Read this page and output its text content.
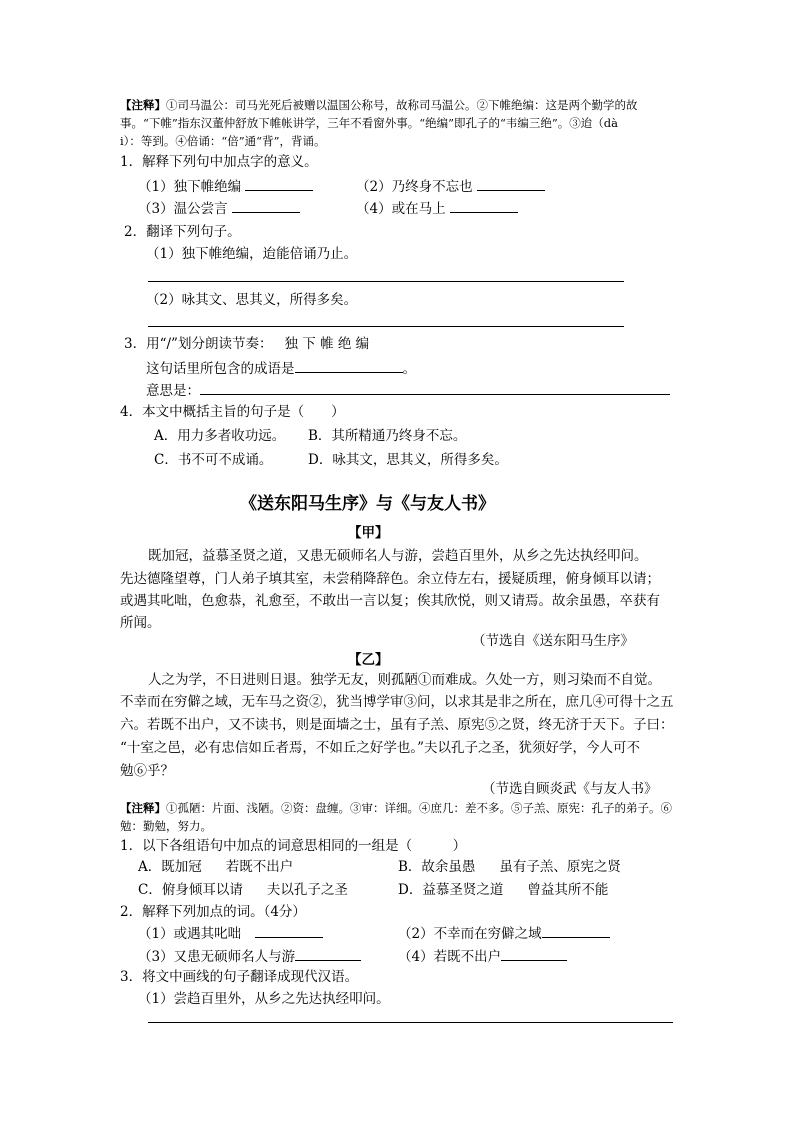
【注释】①司马温公：司马光死后被赠以温国公称号，故称司马温公。②下帷绝编：这是两个勤学的故
事。“下帷”指东汉董仲舒放下帷帐讲学，三年不看窗外事。“绝编”即孔子的“韦编三绝”。③迨（dà
i）：等到。④倍诵：“倍”通“背”，背诵。
1．解释下列句中加点字的意义。
（1）独下帷绝编	（2）乃终身不忘也
（3）温公尝言	（4）或在马上
2．翻译下列句子。
（1）独下帷绝编，迨能倍诵乃止。
（2）咏其文、思其义，所得多矣。
3．用“/”划分朗读节奏： 独 下 帷 绝 编
这句话里所包含的成语是	。
意思是：
4．本文中概括主旨的句子是（　　）
A．用力多者收功远。 B．其所精通乃终身不忘。
C．书不可不成诵。	D．咏其文，思其义，所得多矣。
《送东阳马生序》与《与友人书》
【甲】
既加冠，益慕圣贤之道，又患无硕师名人与游，尝趋百里外，从乡之先达执经叩问。
先达德隆望尊，门人弟子填其室，未尝稍降辞色。余立侍左右，援疑质理，俯身倾耳以请；
或遇其叱咄，色愈恭，礼愈至，不敢出一言以复；俟其欣悦，则又请焉。故余虽愚，卒获有
所闻。
（节选自《送东阳马生序》
【乙】
人之为学，不日进则日退。独学无友，则孤陋①而难成。久处一方，则习染而不自觉。
不幸而在穷僻之域，无车马之资②，犹当博学审③问，以求其是非之所在，庶几④可得十之五
六。若既不出户，又不读书，则是面墙之士，虽有子羔、原宪⑤之贤，终无济于天下。子曰：
“十室之邑，必有忠信如丘者焉，不如丘之好学也。”夫以孔子之圣，犹须好学，今人可不
勉⑥乎？
（节选自顾炎武《与友人书》
【注释】①孤陋：片面、浅陋。②资：盘缠。③审：详细。④庶几：差不多。⑤子羔、原宪：孔子的弟子。⑥
勉：勤勉，努力。
1．以下各组语句中加点的词意思相同的一组是（　　　）
A．既加冠 若既不出户	B．故余虽愚 虽有子羔、原宪之贤
C．俯身倾耳以请 夫以孔子之圣	D．益慕圣贤之道 曾益其所不能
2．解释下列加点的词。（4分）
（1）或遇其叱咄	（2）不幸而在穷僻之域
（3）又患无硕师名人与游	（4）若既不出户
3．将文中画线的句子翻译成现代汉语。
（1）尝趋百里外，从乡之先达执经叩问。
